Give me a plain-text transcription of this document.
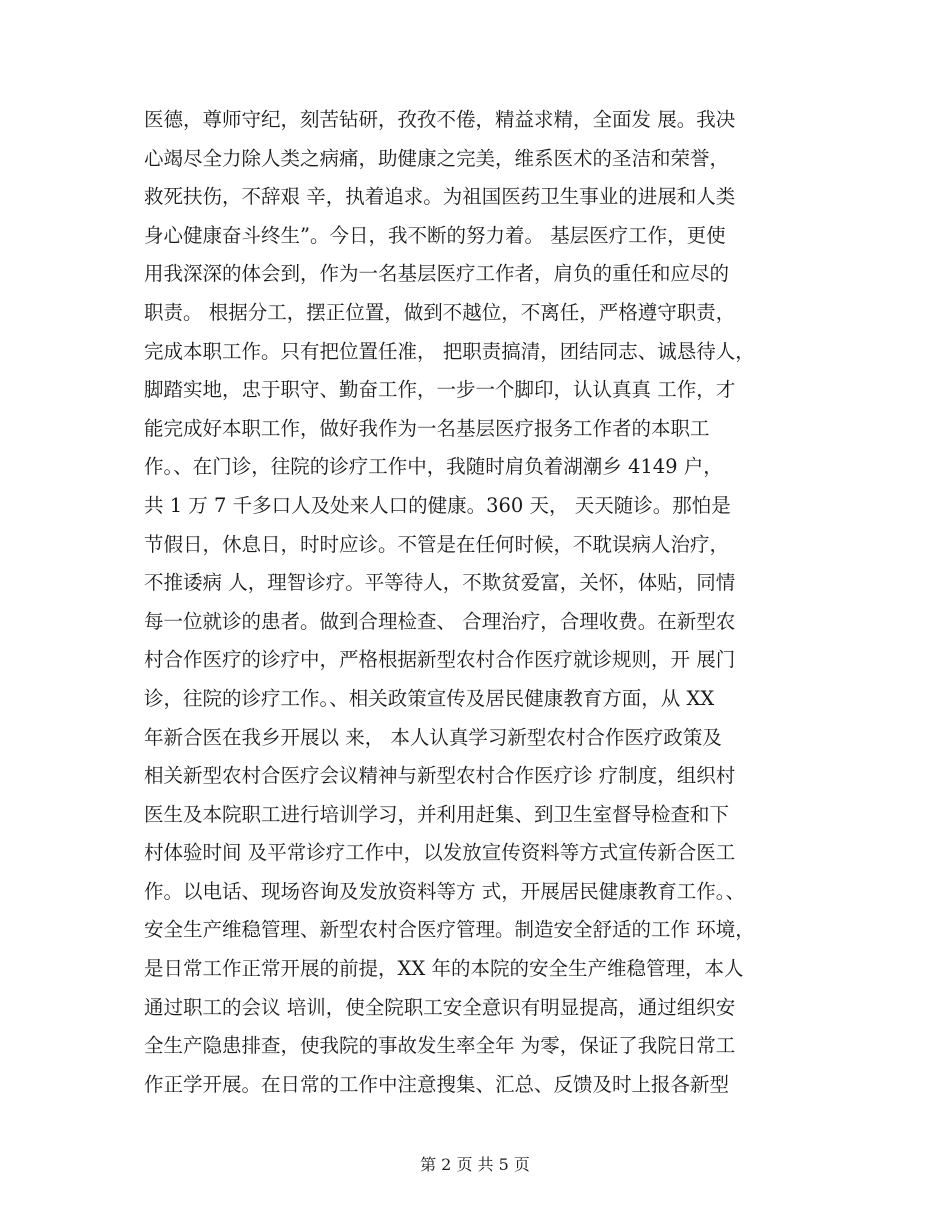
医德，尊师守纪，刻苦钻研，孜孜不倦，精益求精，全面发 展。我决
心竭尽全力除人类之病痛，助健康之完美，维系医术的圣洁和荣誉，
救死扶伤，不辞艰 辛，执着追求。为祖国医药卫生事业的进展和人类
身心健康奋斗终生”。今日，我不断的努力着。 基层医疗工作，更使
用我深深的体会到，作为一名基层医疗工作者，肩负的重任和应尽的
职责。 根据分工，摆正位置，做到不越位，不离任，严格遵守职责，
完成本职工作。只有把位置任准， 把职责搞清，团结同志、诚恳待人，
脚踏实地，忠于职守、勤奋工作，一步一个脚印，认认真真 工作，才
能完成好本职工作，做好我作为一名基层医疗报务工作者的本职工
作。、在门诊，往院的诊疗工作中，我随时肩负着湖潮乡 4149 户，
共 1 万 7 千多口人及处来人口的健康。360 天， 天天随诊。那怕是
节假日，休息日，时时应诊。不管是在任何时候，不耽误病人治疗，
不推诿病 人，理智诊疗。平等待人，不欺贫爱富，关怀，体贴，同情
每一位就诊的患者。做到合理检查、 合理治疗，合理收费。在新型农
村合作医疗的诊疗中，严格根据新型农村合作医疗就诊规则，开 展门
诊，往院的诊疗工作。、相关政策宣传及居民健康教育方面，从 XX
年新合医在我乡开展以 来， 本人认真学习新型农村合作医疗政策及
相关新型农村合医疗会议精神与新型农村合作医疗诊 疗制度，组织村
医生及本院职工进行培训学习，并利用赶集、到卫生室督导检查和下
村体验时间 及平常诊疗工作中，以发放宣传资料等方式宣传新合医工
作。以电话、现场咨询及发放资料等方 式，开展居民健康教育工作。、
安全生产维稳管理、新型农村合医疗管理。制造安全舒适的工作 环境，
是日常工作正常开展的前提，XX 年的本院的安全生产维稳管理，本人
通过职工的会议 培训，使全院职工安全意识有明显提高，通过组织安
全生产隐患排查，使我院的事故发生率全年 为零，保证了我院日常工
作正学开展。在日常的工作中注意搜集、汇总、反馈及时上报各新型
第 2 页 共 5 页
